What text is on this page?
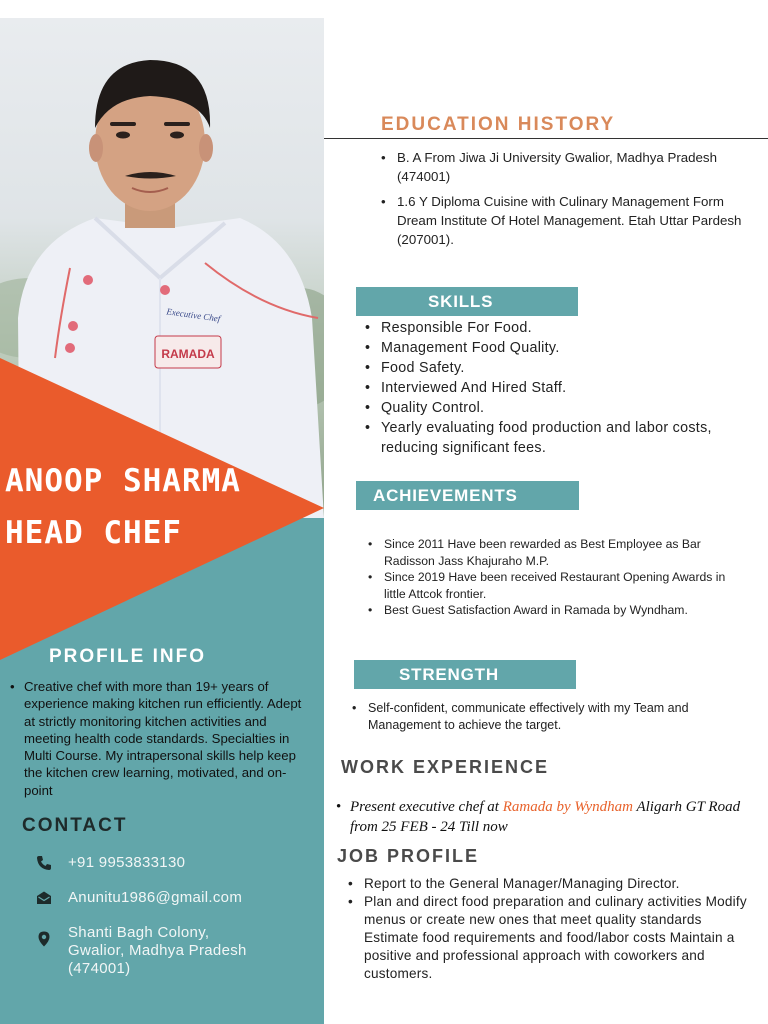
RAMADA
Executive Chef
ANOOP SHARMA
HEAD CHEF
PROFILE INFO
• Creative chef with more than 19+ years of experience making kitchen run efficiently. Adept at strictly monitoring kitchen activities and meeting health code standards. Specialties in Multi Course. My intrapersonal skills help keep the kitchen crew learning, motivated, and on-point
CONTACT
+91 9953833130
Anunitu1986@gmail.com
Shanti Bagh Colony,
Gwalior, Madhya Pradesh
(474001)
EDUCATION HISTORY
• B. A From Jiwa Ji University Gwalior, Madhya Pradesh (474001)
• 1.6 Y Diploma Cuisine with Culinary Management Form Dream Institute Of Hotel Management. Etah Uttar Pardesh (207001).
SKILLS
• Responsible For Food.
• Management Food Quality.
• Food Safety.
• Interviewed And Hired Staff.
• Quality Control.
• Yearly evaluating food production and labor costs, reducing significant fees.
ACHIEVEMENTS
• Since 2011 Have been rewarded as Best Employee as Bar Radisson Jass Khajuraho M.P.
• Since 2019 Have been received Restaurant Opening Awards in little Attcok frontier.
• Best Guest Satisfaction Award in Ramada by Wyndham.
STRENGTH
• Self-confident, communicate effectively with my Team and Management to achieve the target.
WORK EXPERIENCE
• Present executive chef at Ramada by Wyndham Aligarh GT Road from 25 FEB - 24 Till now
JOB PROFILE
• Report to the General Manager/Managing Director.
• Plan and direct food preparation and culinary activities Modify menus or create new ones that meet quality standards Estimate food requirements and food/labor costs Maintain a positive and professional approach with coworkers and customers.
